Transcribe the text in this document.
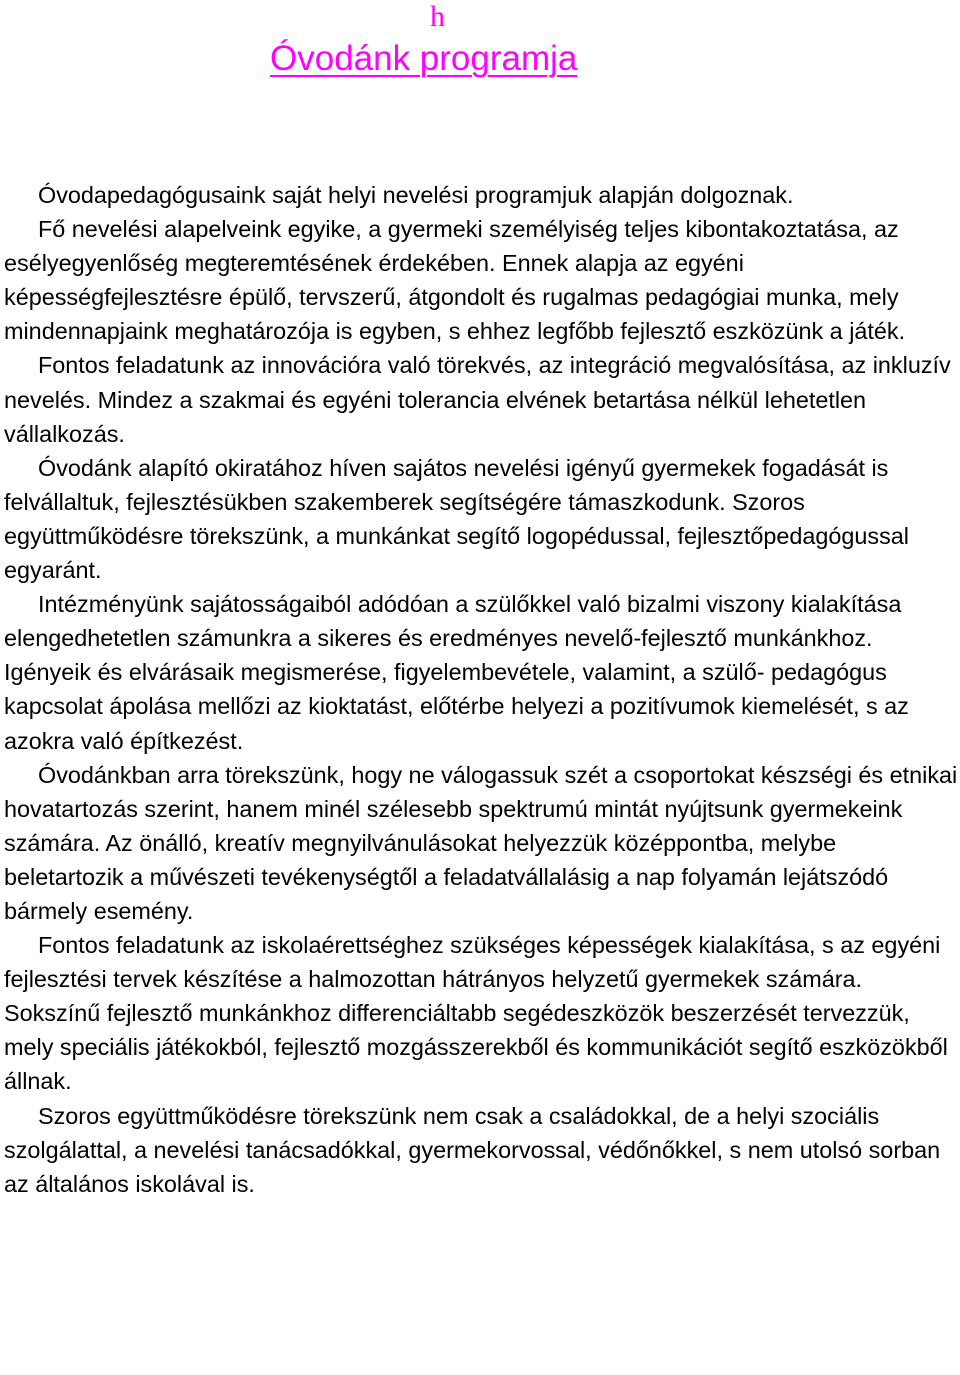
h
Óvodánk programja

Óvodapedagógusaink saját helyi nevelési programjuk alapján dolgoznak.

Fő nevelési alapelveink egyike, a gyermeki személyiség teljes kibontakoztatása, az esélyegyenlőség megteremtésének érdekében. Ennek alapja az egyéni képességfejlesztésre épülő, tervszerű, átgondolt és rugalmas pedagógiai munka, mely mindennapjaink meghatározója is egyben, s ehhez legfőbb fejlesztő eszközünk a játék.

Fontos feladatunk az innovációra való törekvés, az integráció megvalósítása, az inkluzív nevelés. Mindez a szakmai és egyéni tolerancia elvének betartása nélkül lehetetlen vállalkozás.

Óvodánk alapító okiratához híven sajátos nevelési igényű gyermekek fogadását is felvállaltuk, fejlesztésükben szakemberek segítségére támaszkodunk. Szoros együttműködésre törekszünk, a munkánkat segítő logopédussal, fejlesztőpedagógussal egyaránt.

Intézményünk sajátosságaiból adódóan a szülőkkel való bizalmi viszony kialakítása elengedhetetlen számunkra a sikeres és eredményes nevelő-fejlesztő munkánkhoz. Igényeik és elvárásaik megismerése, figyelembevétele, valamint, a szülő- pedagógus kapcsolat ápolása mellőzi az kioktatást, előtérbe helyezi a pozitívumok kiemelését, s az azokra való építkezést.

Óvodánkban arra törekszünk, hogy ne válogassuk szét a csoportokat készségi és etnikai hovatartozás szerint, hanem minél szélesebb spektrumú mintát nyújtsunk gyermekeink számára. Az önálló, kreatív megnyilvánulásokat helyezzük középpontba, melybe beletartozik a művészeti tevékenységtől a feladatvállalásig a nap folyamán lejátszódó bármely esemény.

Fontos feladatunk az iskolaérettséghez szükséges képességek kialakítása, s az egyéni fejlesztési tervek készítése a halmozottan hátrányos helyzetű gyermekek számára. Sokszínű fejlesztő munkánkhoz differenciáltabb segédeszközök beszerzését tervezzük, mely speciális játékokból, fejlesztő mozgásszerekből és kommunikációt segítő eszközökből állnak.

Szoros együttműködésre törekszünk nem csak a családokkal, de a helyi szociális szolgálattal, a nevelési tanácsadókkal, gyermekorvossal, védőnőkkel, s nem utolsó sorban az általános iskolával is.
